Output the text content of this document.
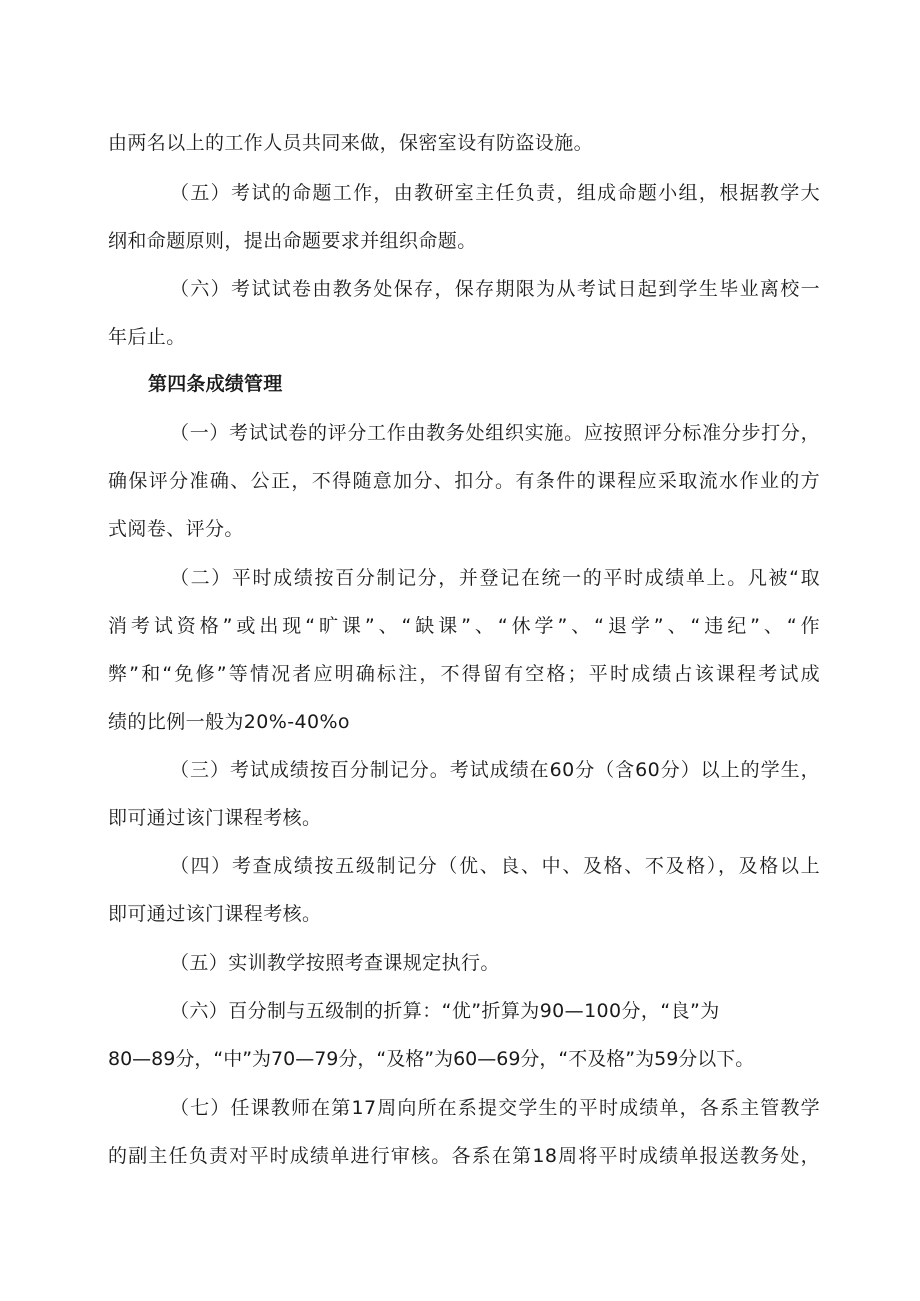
由两名以上的工作人员共同来做，保密室设有防盗设施。
（五）考试的命题工作，由教研室主任负责，组成命题小组，根据教学大
纲和命题原则，提出命题要求并组织命题。
（六）考试试卷由教务处保存，保存期限为从考试日起到学生毕业离校一
年后止。
第四条成绩管理
（一）考试试卷的评分工作由教务处组织实施。应按照评分标准分步打分，
确保评分准确、公正，不得随意加分、扣分。有条件的课程应采取流水作业的方
式阅卷、评分。
（二）平时成绩按百分制记分，并登记在统一的平时成绩单上。凡被“取
消考试资格”或出现“旷课”、“缺课”、“休学”、“退学”、“违纪”、“作
弊”和“免修”等情况者应明确标注，不得留有空格；平时成绩占该课程考试成
绩的比例一般为20%-40%o
（三）考试成绩按百分制记分。考试成绩在60分（含60分）以上的学生，
即可通过该门课程考核。
（四）考查成绩按五级制记分（优、良、中、及格、不及格），及格以上
即可通过该门课程考核。
（五）实训教学按照考查课规定执行。
（六）百分制与五级制的折算：“优”折算为90—100分，“良”为
80—89分，“中”为70—79分，“及格”为60—69分，“不及格”为59分以下。
（七）任课教师在第17周向所在系提交学生的平时成绩单，各系主管教学
的副主任负责对平时成绩单进行审核。各系在第18周将平时成绩单报送教务处，
